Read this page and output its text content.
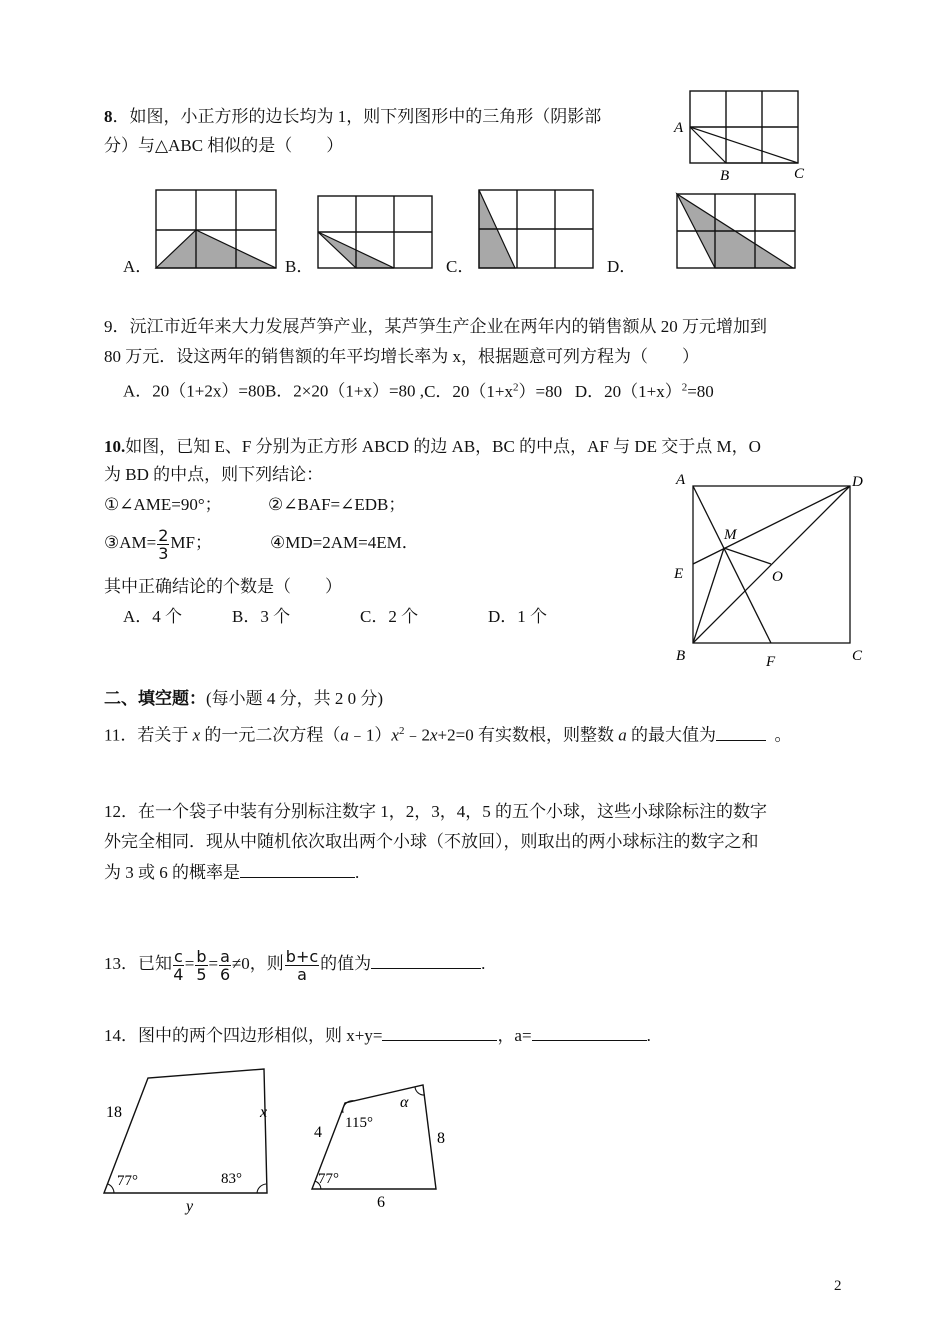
8．如图，小正方形的边长均为 1，则下列图形中的三角形（阴影部
分）与△ABC 相似的是（　　）
A
B	C
A．	B．	C．	D．
9．沅江市近年来大力发展芦笋产业，某芦笋生产企业在两年内的销售额从 20 万元增加到
80 万元．设这两年的销售额的年平均增长率为 x，根据题意可列方程为（　　）
A．20（1+2x）=80B．2×20（1+x）=80 ,C．$20(1+x^2)=80$ D．$20(1+x)^2=80$
10.如图，已知 E、F 分别为正方形 ABCD 的边 AB，BC 的中点，AF 与 DE 交于点 M，O
为 BD 的中点，则下列结论：
①∠AME=90°；	②∠BAF=∠EDB；
③AM= $\frac{2}{3}$ MF；	④MD=2AM=4EM．
其中正确结论的个数是（　　）
A．4 个	B．3 个	C．2 个	D．1 个
A	D
M
E	O
B	F	C
二、填空题：(每小题 4 分，共 2 0 分)
11．若关于 x 的一元二次方程$(a﹣1)x^2﹣2x+2=0$ 有实数根，则整数 a 的最大值为	。
12．在一个袋子中装有分别标注数字 1，2，3，4，5 的五个小球，这些小球除标注的数字
外完全相同．现从中随机依次取出两个小球（不放回），则取出的两小球标注的数字之和
为 3 或 6 的概率是	.
13．已知 $\frac{c}{4} = \frac{b}{5} = \frac{a}{6} \ne 0$，则 $\frac{b+c}{a}$ 的值为	.
14．图中的两个四边形相似，则 x+y=	，a=	.
18	x
y
77°	83°
4	8
6
115°
77°
α
2
